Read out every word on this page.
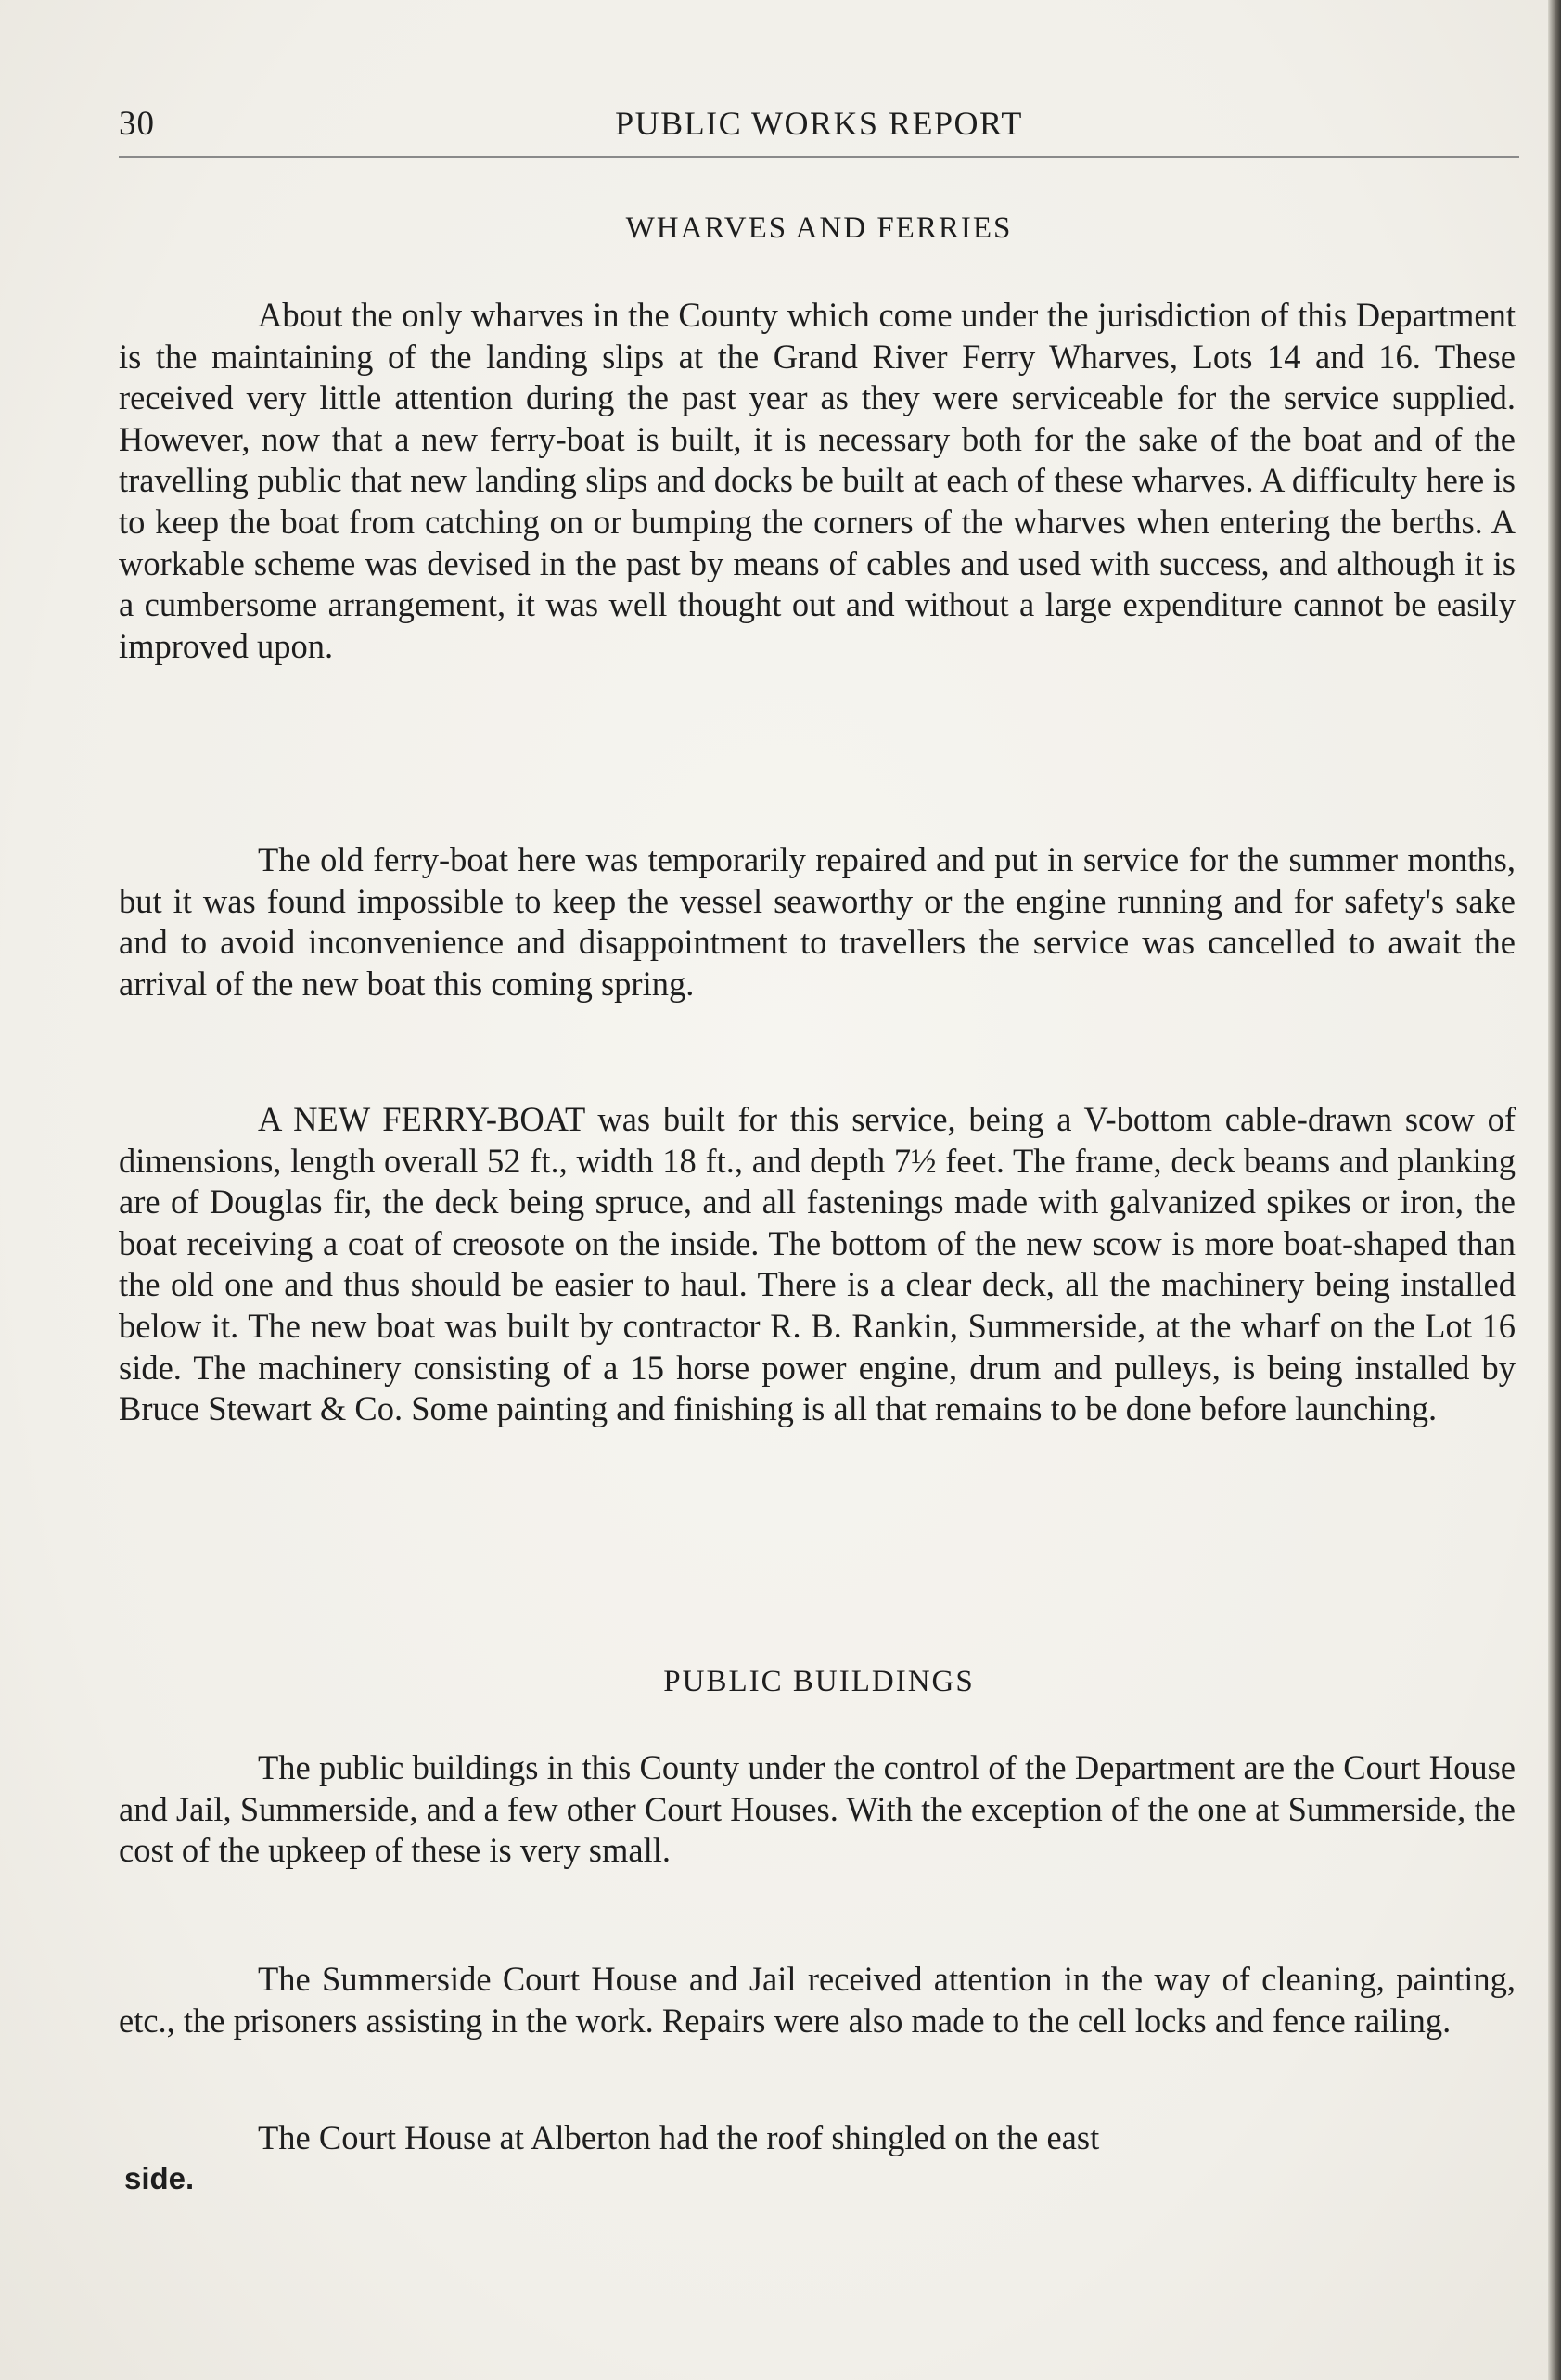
30	PUBLIC WORKS REPORT
WHARVES AND FERRIES

About the only wharves in the County which come under the jurisdiction of this Department is the maintaining of the landing slips at the Grand River Ferry Wharves, Lots 14 and 16. These received very little attention during the past year as they were serviceable for the service supplied. However, now that a new ferry-boat is built, it is necessary both for the sake of the boat and of the travelling public that new landing slips and docks be built at each of these wharves. A difficulty here is to keep the boat from catching on or bumping the corners of the wharves when entering the berths. A workable scheme was devised in the past by means of cables and used with success, and although it is a cumbersome arrangement, it was well thought out and without a large expenditure cannot be easily improved upon.

The old ferry-boat here was temporarily repaired and put in service for the summer months, but it was found impossible to keep the vessel seaworthy or the engine running and for safety's sake and to avoid inconvenience and disappointment to travellers the service was cancelled to await the arrival of the new boat this coming spring.

A NEW FERRY-BOAT was built for this service, being a V-bottom cable-drawn scow of dimensions, length overall 52 ft., width 18 ft., and depth 7½ feet. The frame, deck beams and planking are of Douglas fir, the deck being spruce, and all fastenings made with galvanized spikes or iron, the boat receiving a coat of creosote on the inside. The bottom of the new scow is more boat-shaped than the old one and thus should be easier to haul. There is a clear deck, all the machinery being installed below it. The new boat was built by contractor R. B. Rankin, Summerside, at the wharf on the Lot 16 side. The machinery consisting of a 15 horse power engine, drum and pulleys, is being installed by Bruce Stewart & Co. Some painting and finishing is all that remains to be done before launching.

PUBLIC BUILDINGS

The public buildings in this County under the control of the Department are the Court House and Jail, Summerside, and a few other Court Houses. With the exception of the one at Summerside, the cost of the upkeep of these is very small.

The Summerside Court House and Jail received attention in the way of cleaning, painting, etc., the prisoners assisting in the work. Repairs were also made to the cell locks and fence railing.

The Court House at Alberton had the roof shingled on the east

side.
